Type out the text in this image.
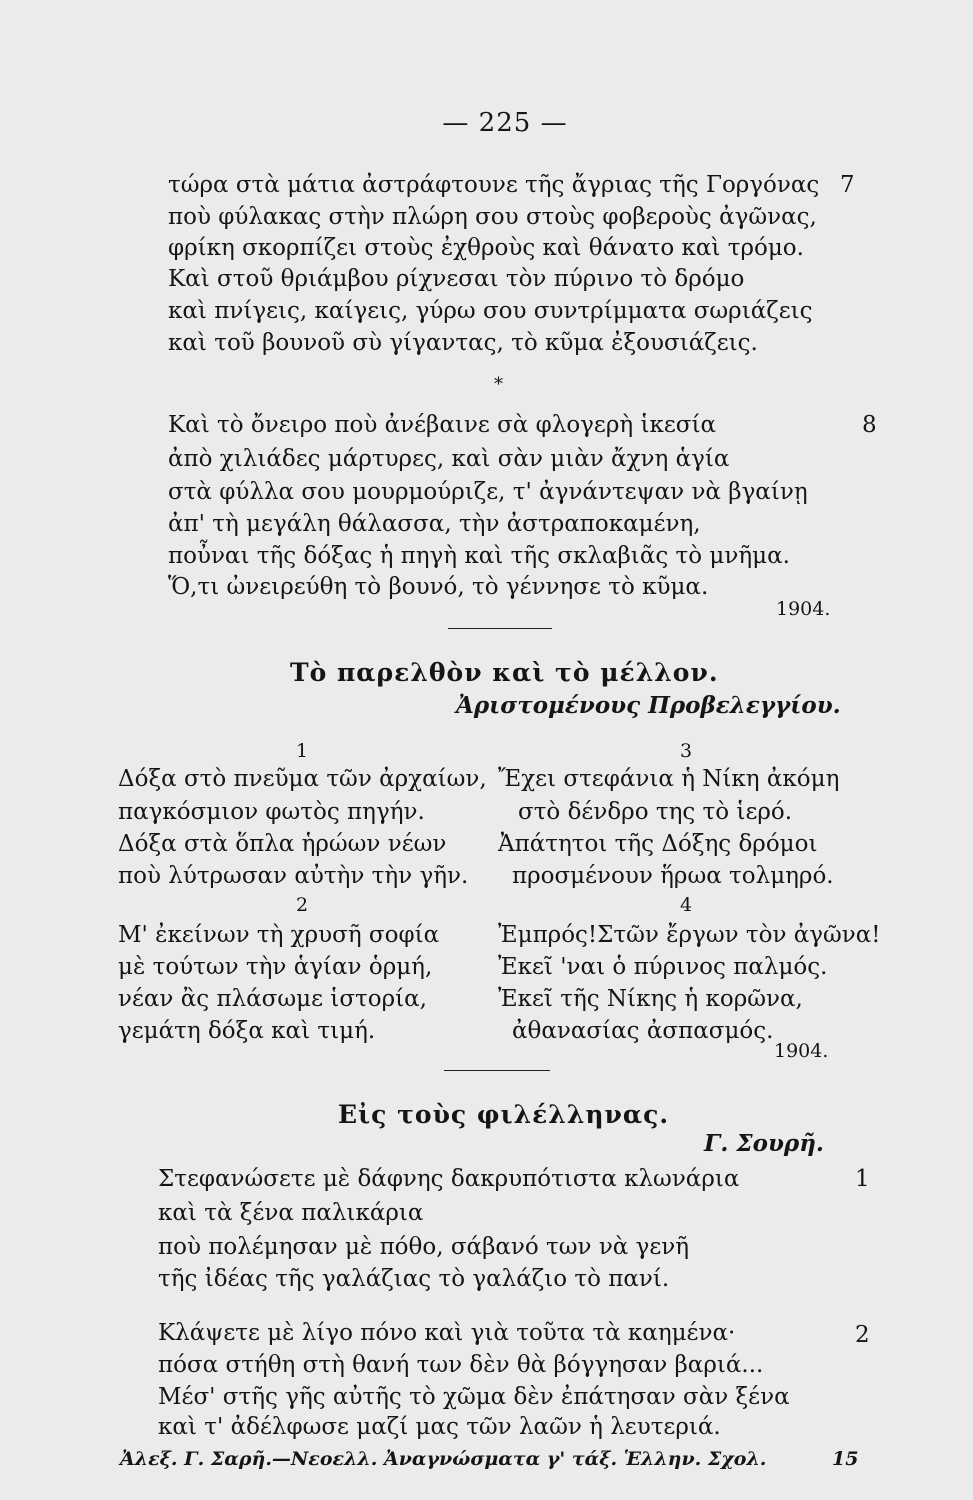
— 225 —
7
τώρα στὰ μάτια ἀστράφτουνε τῆς ἄγριας τῆς Γοργόνας
ποὺ φύλακας στὴν πλώρη σου στοὺς φοβεροὺς ἀγῶνας,
φρίκη σκορπίζει στοὺς ἐχθροὺς καὶ θάνατο καὶ τρόμο.
Καὶ στοῦ θριάμβου ρίχνεσαι τὸν πύρινο τὸ δρόμο
καὶ πνίγεις, καίγεις, γύρω σου συντρίμματα σωριάζεις
καὶ τοῦ βουνοῦ σὺ γίγαντας, τὸ κῦμα ἐξουσιάζεις.
*
8
Καὶ τὸ ὄνειρο ποὺ ἀνέβαινε σὰ φλογερὴ ἱκεσία
ἀπὸ χιλιάδες μάρτυρες, καὶ σὰν μιὰν ἄχνη ἁγία
στὰ φύλλα σου μουρμούριζε, τ' ἀγνάντεψαν νὰ βγαίνῃ
ἀπ' τὴ μεγάλη θάλασσα, τὴν ἀστραποκαμένη,
ποὖναι τῆς δόξας ἡ πηγὴ καὶ τῆς σκλαβιᾶς τὸ μνῆμα.
Ὅ,τι ὠνειρεύθη τὸ βουνό, τὸ γέννησε τὸ κῦμα.
1904.
Τὸ παρελθὸν καὶ τὸ μέλλον.
Ἀριστομένους Προβελεγγίου.
1
Δόξα στὸ πνεῦμα τῶν ἀρχαίων,
παγκόσμιον φωτὸς πηγήν.
Δόξα στὰ ὅπλα ἡρώων νέων
ποὺ λύτρωσαν αὐτὴν τὴν γῆν.
2
Μ' ἐκείνων τὴ χρυσῆ σοφία
μὲ τούτων τὴν ἁγίαν ὁρμή,
νέαν ἂς πλάσωμε ἱστορία,
γεμάτη δόξα καὶ τιμή.
3
Ἔχει στεφάνια ἡ Νίκη ἀκόμη
στὸ δένδρο της τὸ ἱερό.
Ἀπάτητοι τῆς Δόξης δρόμοι
προσμένουν ἥρωα τολμηρό.
4
Ἐμπρός!Στῶν ἔργων τὸν ἀγῶνα!
Ἐκεῖ 'ναι ὁ πύρινος παλμός.
Ἐκεῖ τῆς Νίκης ἡ κορῶνα,
ἀθανασίας ἀσπασμός.
1904.
Εἰς τοὺς φιλέλληνας.
Γ. Σουρῆ.
1
Στεφανώσετε μὲ δάφνης δακρυπότιστα κλωνάρια
καὶ τὰ ξένα παλικάρια
ποὺ πολέμησαν μὲ πόθο, σάβανό των νὰ γενῆ
τῆς ἰδέας τῆς γαλάζιας τὸ γαλάζιο τὸ πανί.
2
Κλάψετε μὲ λίγο πόνο καὶ γιὰ τοῦτα τὰ καημένα·
πόσα στήθη στὴ θανή των δὲν θὰ βόγγησαν βαριά...
Μέσ' στῆς γῆς αὐτῆς τὸ χῶμα δὲν ἐπάτησαν σὰν ξένα
καὶ τ' ἀδέλφωσε μαζί μας τῶν λαῶν ἡ λευτεριά.
Ἀλεξ. Γ. Σαρῆ.—Νεοελλ. Ἀναγνώσματα γ' τάξ. Ἑλλην. Σχολ.	15
